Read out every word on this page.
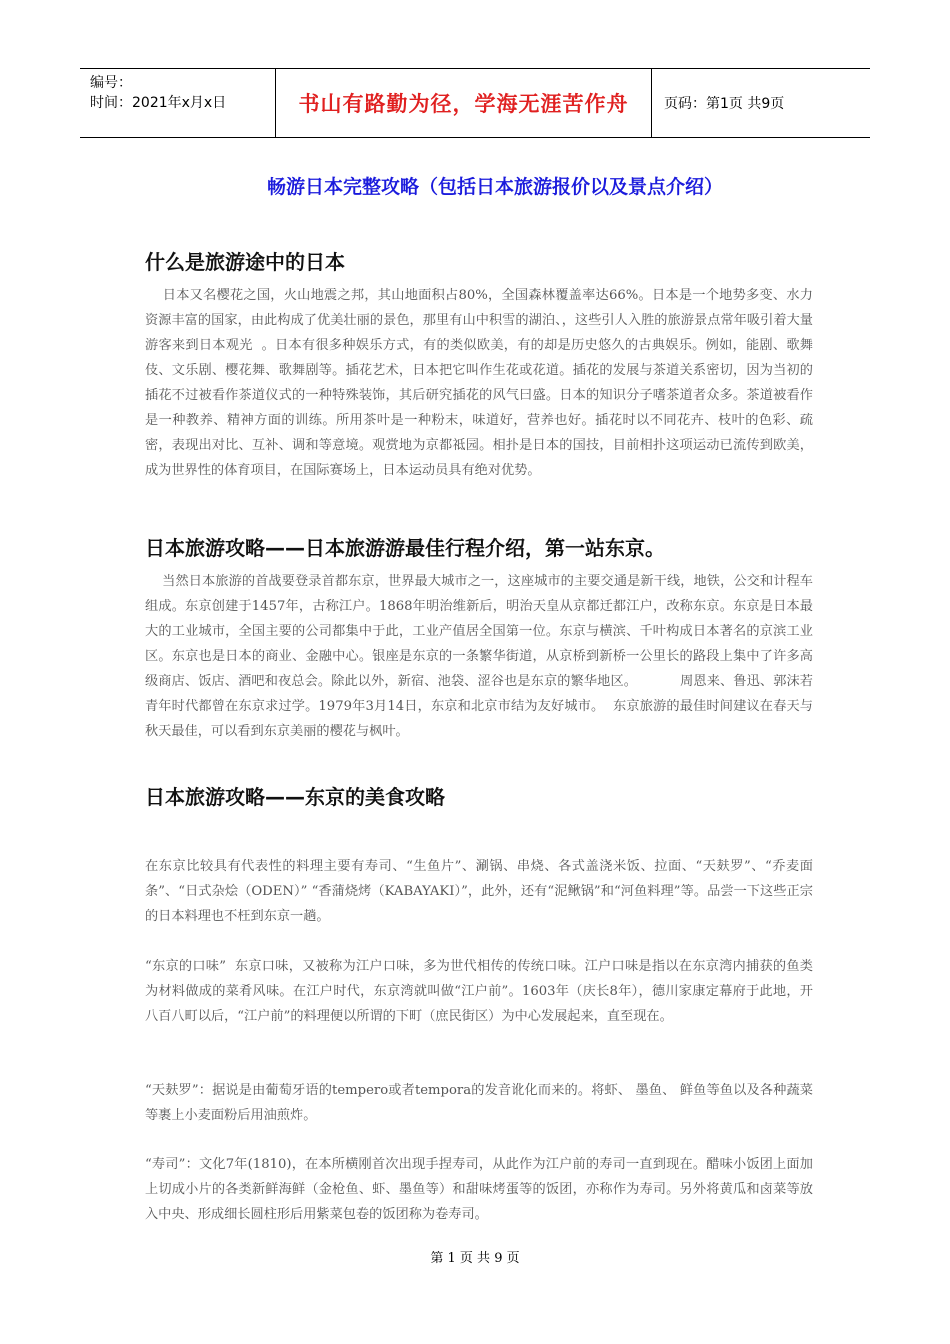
编号：
时间：2021年x月x日	书山有路勤为径，学海无涯苦作舟	页码：第1页 共9页
畅游日本完整攻略（包括日本旅游报价以及景点介绍）
什么是旅游途中的日本
日本又名樱花之国，火山地震之邦，其山地面积占80%，全国森林覆盖率达66%。日本是一个地势多变、水力资源丰富的国家，由此构成了优美壮丽的景色，那里有山中积雪的湖泊、，这些引人入胜的旅游景点常年吸引着大量游客来到日本观光  。日本有很多种娱乐方式，有的类似欧美，有的却是历史悠久的古典娱乐。例如，能剧、歌舞伎、文乐剧、樱花舞、歌舞剧等。插花艺术，日本把它叫作生花或花道。插花的发展与茶道关系密切，因为当初的插花不过被看作茶道仪式的一种特殊装饰，其后研究插花的风气曰盛。日本的知识分子嗜茶道者众多。茶道被看作是一种教养、精神方面的训练。所用茶叶是一种粉末，味道好，营养也好。插花时以不同花卉、枝叶的色彩、疏密，表现出对比、互补、调和等意境。观赏地为京都祗园。相扑是日本的国技，目前相扑这项运动已流传到欧美，成为世界性的体育项目，在国际赛场上，日本运动员具有绝对优势。
日本旅游攻略——日本旅游游最佳行程介绍，第一站东京。
当然日本旅游的首战要登录首都东京，世界最大城市之一，这座城市的主要交通是新干线，地铁，公交和计程车组成。东京创建于1457年，古称江户。1868年明治维新后，明治天皇从京都迁都江户，改称东京。东京是日本最大的工业城市，全国主要的公司都集中于此，工业产值居全国第一位。东京与横滨、千叶构成日本著名的京滨工业区。东京也是日本的商业、金融中心。银座是东京的一条繁华街道，从京桥到新桥一公里长的路段上集中了许多高级商店、饭店、酒吧和夜总会。除此以外，新宿、池袋、涩谷也是东京的繁华地区。          周恩来、鲁迅、郭沫若青年时代都曾在东京求过学。1979年3月14日，东京和北京市结为友好城市。  东京旅游的最佳时间建议在春天与秋天最佳，可以看到东京美丽的樱花与枫叶。
日本旅游攻略——东京的美食攻略
在东京比较具有代表性的料理主要有寿司、“生鱼片”、涮锅、串烧、各式盖浇米饭、拉面、“天麸罗”、“乔麦面条”、“日式杂烩（ODEN）” “香蒲烧烤（KABAYAKI）”，此外，还有“泥鳅锅”和“河鱼料理”等。品尝一下这些正宗的日本料理也不枉到东京一趟。
“东京的口味”  东京口味，又被称为江户口味，多为世代相传的传统口味。江户口味是指以在东京湾内捕获的鱼类为材料做成的菜肴风味。在江户时代，东京湾就叫做“江户前”。1603年（庆长8年），德川家康定幕府于此地，开八百八町以后，“江户前”的料理便以所谓的下町（庶民街区）为中心发展起来，直至现在。
“天麸罗”：据说是由葡萄牙语的tempero或者tempora的发音讹化而来的。将虾、 墨鱼、 鲜鱼等鱼以及各种蔬菜等裹上小麦面粉后用油煎炸。
“寿司”：文化7年(1810)，在本所横刚首次出现手捏寿司，从此作为江户前的寿司一直到现在。醋味小饭团上面加上切成小片的各类新鲜海鲜（金枪鱼、虾、墨鱼等）和甜味烤蛋等的饭团，亦称作为寿司。另外将黄瓜和卤菜等放入中央、形成细长圆柱形后用紫菜包卷的饭团称为卷寿司。
第 1 页 共 9 页
